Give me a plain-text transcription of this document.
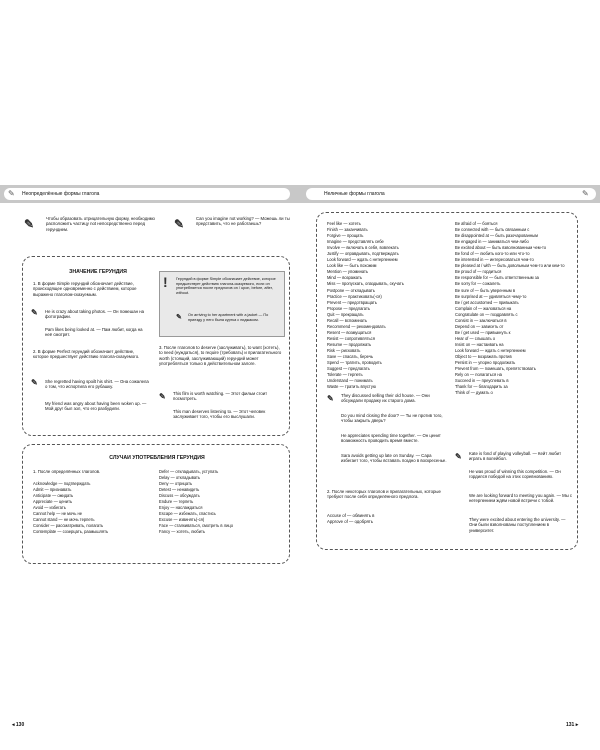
✎	Неопределённые формы глагола	Неличные формы глагола	✎
✎	Чтобы образовать отрицательную форму, необходимо расположить частицу not непосредственно перед герундием.	✎	Can you imagine not working? — Можешь ли ты представить, что не работаешь?
ЗНАЧЕНИЕ ГЕРУНДИЯ
1. В форме Simple герундий обозначает действие, происходящее одновременно с действием, которое выражено глаголом-сказуемым.
✎ He is crazy about taking photos. — Он помешан на фотографии.
Pam likes being looked at. — Пам любит, когда на неё смотрят.
2. В форме Perfect герундий обозначает действие, которое предшествует действию глагола-сказуемого.
✎ She regretted having spoilt his shirt. — Она сожалела о том, что испортила его рубашку.
My friend was angry about having been woken up. — Мой друг был зол, что его разбудили.
! Герундий в форме Simple обозначает действие, которое предшествует действию глагола-сказуемого, если он употребляется после предлогов on / upon, before, after, without.
✎ On arriving to her apartment with a jacket — По приезду у него была куртка с пиджаком.
3. После глаголов to deserve (заслуживать), to want (хотеть), to need (нуждаться), to require (требовать) и прилагательного worth (стоящий, заслуживающий) герундий может употребляться только в действительном залоге.
✎ This film is worth watching. — Этот фильм стоит посмотреть.
This man deserves listening to. — Этот человек заслуживает того, чтобы его выслушали.
СЛУЧАИ УПОТРЕБЛЕНИЯ ГЕРУНДИЯ
1. После определённых глаголов.
Acknowledge — подтверждать
Admit — признавать
Anticipate — ожидать
Appreciate — ценить
Avoid — избегать
Cannot help — не мочь не
Cannot stand — не мочь терпеть
Consider — рассматривать, полагать
Contemplate — созерцать, размышлять
Defer — откладывать, уступать
Delay — откладывать
Deny — отрицать
Detest — ненавидеть
Discuss — обсуждать
Endure — терпеть
Enjoy — наслаждаться
Escape — избежать, спастись
Excuse — извинять(-ся)
Face — сталкиваться, смотреть в лицо
Fancy — хотеть, любить
◂ 130
Feel like — хотеть
Finish — заканчивать
Forgive — прощать
Imagine — представлять себе
Involve — включать в себя, вовлекать
Justify — оправдывать, подтверждать
Look forward — ждать с нетерпением
Look like — быть похожим
Mention — упоминать
Mind — возражать
Miss — пропускать, опаздывать, скучать
Postpone — откладывать
Practice — практиковать(-ся)
Prevent — предотвращать
Propose — предлагать
Quit — прекращать
Recall — вспоминать
Recommend — рекомендовать
Resent — возмущаться
Resist — сопротивляться
Resume — продолжать
Risk — рисковать
Save — спасать, беречь
Spend — тратить, проводить
Suggest — предлагать
Tolerate — терпеть
Understand — понимать
Waste — тратить впустую
✎ They discussed selling their old house. — Они обсуждали продажу их старого дома.
Do you mind closing the door? — Ты не против того, чтобы закрыть дверь?
He appreciates spending time together. — Он ценит возможность проводить время вместе.
Sara avoids getting up late on Sunday. — Сара избегает того, чтобы вставать поздно в воскресенье.
2. После некоторых глаголов и прилагательных, которые требуют после себя определённого предлога.
Accuse of — обвинять в
Approve of — одобрять
Be afraid of — бояться
Be connected with — быть связанным с
Be disappointed at — быть разочарованным
Be engaged in — заниматься чем-либо
Be excited about — быть взволнованным чем-то
Be fond of — любить кого-то или что-то
Be interested in — интересоваться чем-то
Be pleased at / with — быть довольным чем-то или кем-то
Be proud of — гордиться
Be responsible for — быть ответственным за
Be sorry for — сожалеть
Be sure of — быть уверенным в
Be surprised at — удивляться чему-то
Be / get accustomed — привыкать
Complain of — жаловаться на
Congratulate on — поздравлять с
Consist in — заключаться в
Depend on — зависеть от
Be / get used — привыкнуть к
Hear of — слышать о
Insist on — настаивать на
Look forward — ждать с нетерпением
Object to — возражать против
Persist in — упорно продолжать
Prevent from — помешать, препятствовать
Rely on — полагаться на
Succeed in — преуспевать в
Thank for — благодарить за
Think of — думать о
✎ Kate is fond of playing volleyball. — Кейт любит играть в волейбол.
He was proud of winning this competition. — Он гордился победой на этих соревнованиях.
We are looking forward to meeting you again. — Мы с нетерпением ждём новой встречи с тобой.
They were excited about entering the university. — Они были взволнованы поступлением в университет.
131 ▸
